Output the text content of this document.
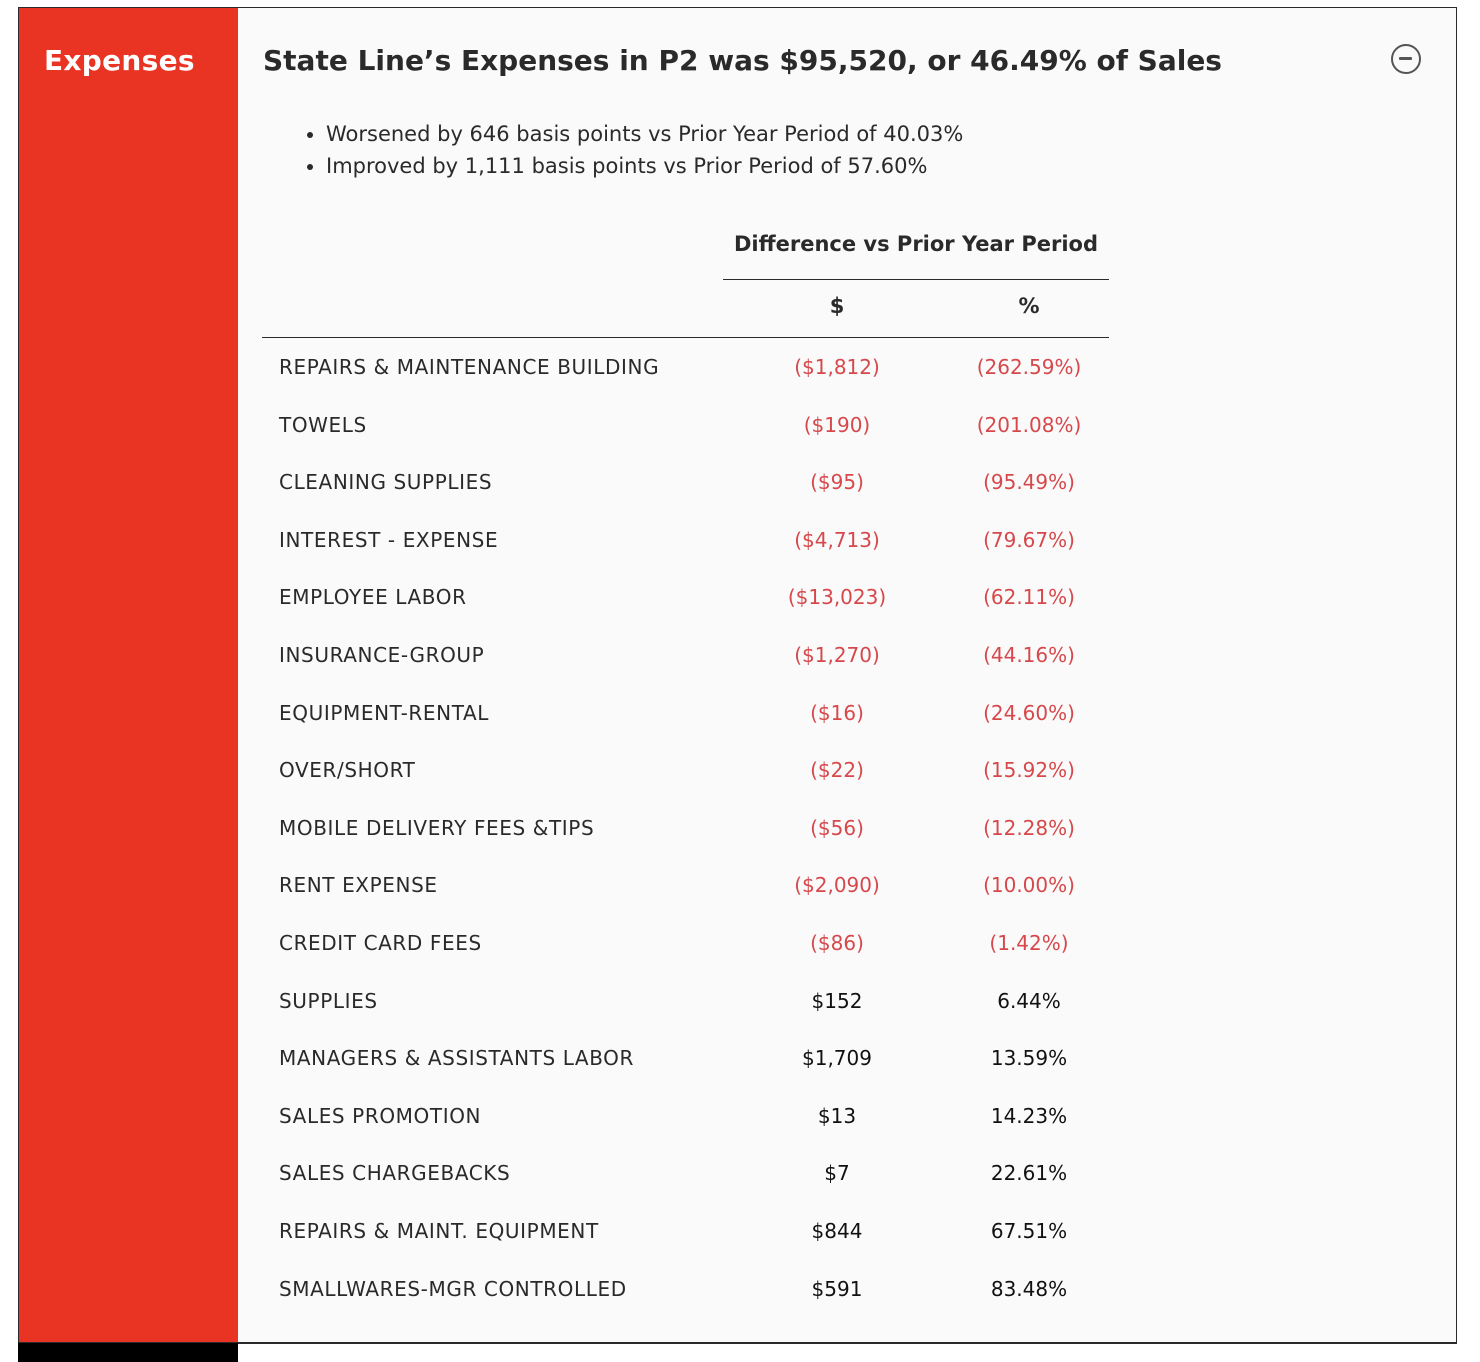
Expenses State Line’s Expenses in P2 was $95,520, or 46.49% of Sales
• Worsened by 646 basis points vs Prior Year Period of 40.03%
• Improved by 1,111 basis points vs Prior Period of 57.60%
Difference vs Prior Year Period
$	%
REPAIRS & MAINTENANCE BUILDING	($1,812)	(262.59%)
TOWELS	($190)	(201.08%)
CLEANING SUPPLIES	($95)	(95.49%)
INTEREST - EXPENSE	($4,713)	(79.67%)
EMPLOYEE LABOR	($13,023)	(62.11%)
INSURANCE-GROUP	($1,270)	(44.16%)
EQUIPMENT-RENTAL	($16)	(24.60%)
OVER/SHORT	($22)	(15.92%)
MOBILE DELIVERY FEES &TIPS	($56)	(12.28%)
RENT EXPENSE	($2,090)	(10.00%)
CREDIT CARD FEES	($86)	(1.42%)
SUPPLIES	$152	6.44%
MANAGERS & ASSISTANTS LABOR	$1,709	13.59%
SALES PROMOTION	$13	14.23%
SALES CHARGEBACKS	$7	22.61%
REPAIRS & MAINT. EQUIPMENT	$844	67.51%
SMALLWARES-MGR CONTROLLED	$591	83.48%
